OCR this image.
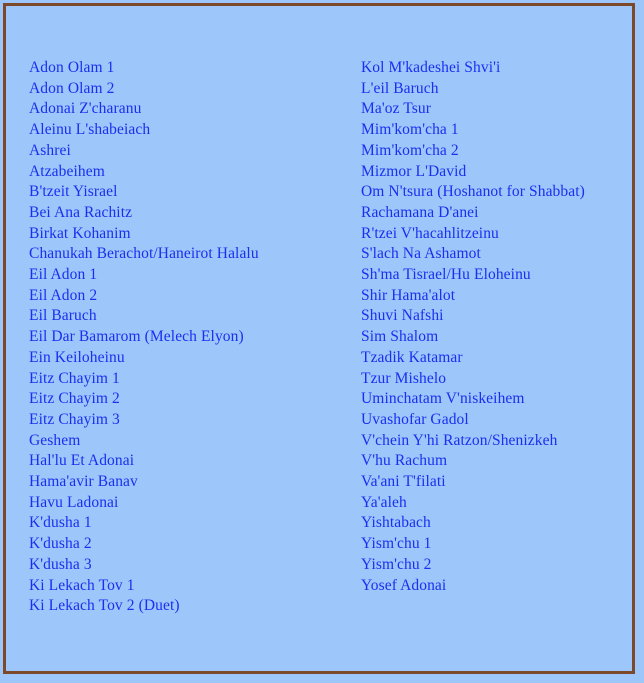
Adon Olam 1
Adon Olam 2
Adonai Z'charanu
Aleinu L'shabeiach
Ashrei
Atzabeihem
B'tzeit Yisrael
Bei Ana Rachitz
Birkat Kohanim
Chanukah Berachot/Haneirot Halalu
Eil Adon 1
Eil Adon 2
Eil Baruch
Eil Dar Bamarom (Melech Elyon)
Ein Keiloheinu
Eitz Chayim 1
Eitz Chayim 2
Eitz Chayim 3
Geshem
Hal'lu Et Adonai
Hama'avir Banav
Havu Ladonai
K'dusha 1
K'dusha 2
K'dusha 3
Ki Lekach Tov 1
Ki Lekach Tov 2 (Duet)
Kol M'kadeshei Shvi'i
L'eil Baruch
Ma'oz Tsur
Mim'kom'cha 1
Mim'kom'cha 2
Mizmor L'David
Om N'tsura (Hoshanot for Shabbat)
Rachamana D'anei
R'tzei V'hacahlitzeinu
S'lach Na Ashamot
Sh'ma Tisrael/Hu Eloheinu
Shir Hama'alot
Shuvi Nafshi
Sim Shalom
Tzadik Katamar
Tzur Mishelo
Uminchatam V'niskeihem
Uvashofar Gadol
V'chein Y'hi Ratzon/Shenizkeh
V'hu Rachum
Va'ani T'filati
Ya'aleh
Yishtabach
Yism'chu 1
Yism'chu 2
Yosef Adonai
